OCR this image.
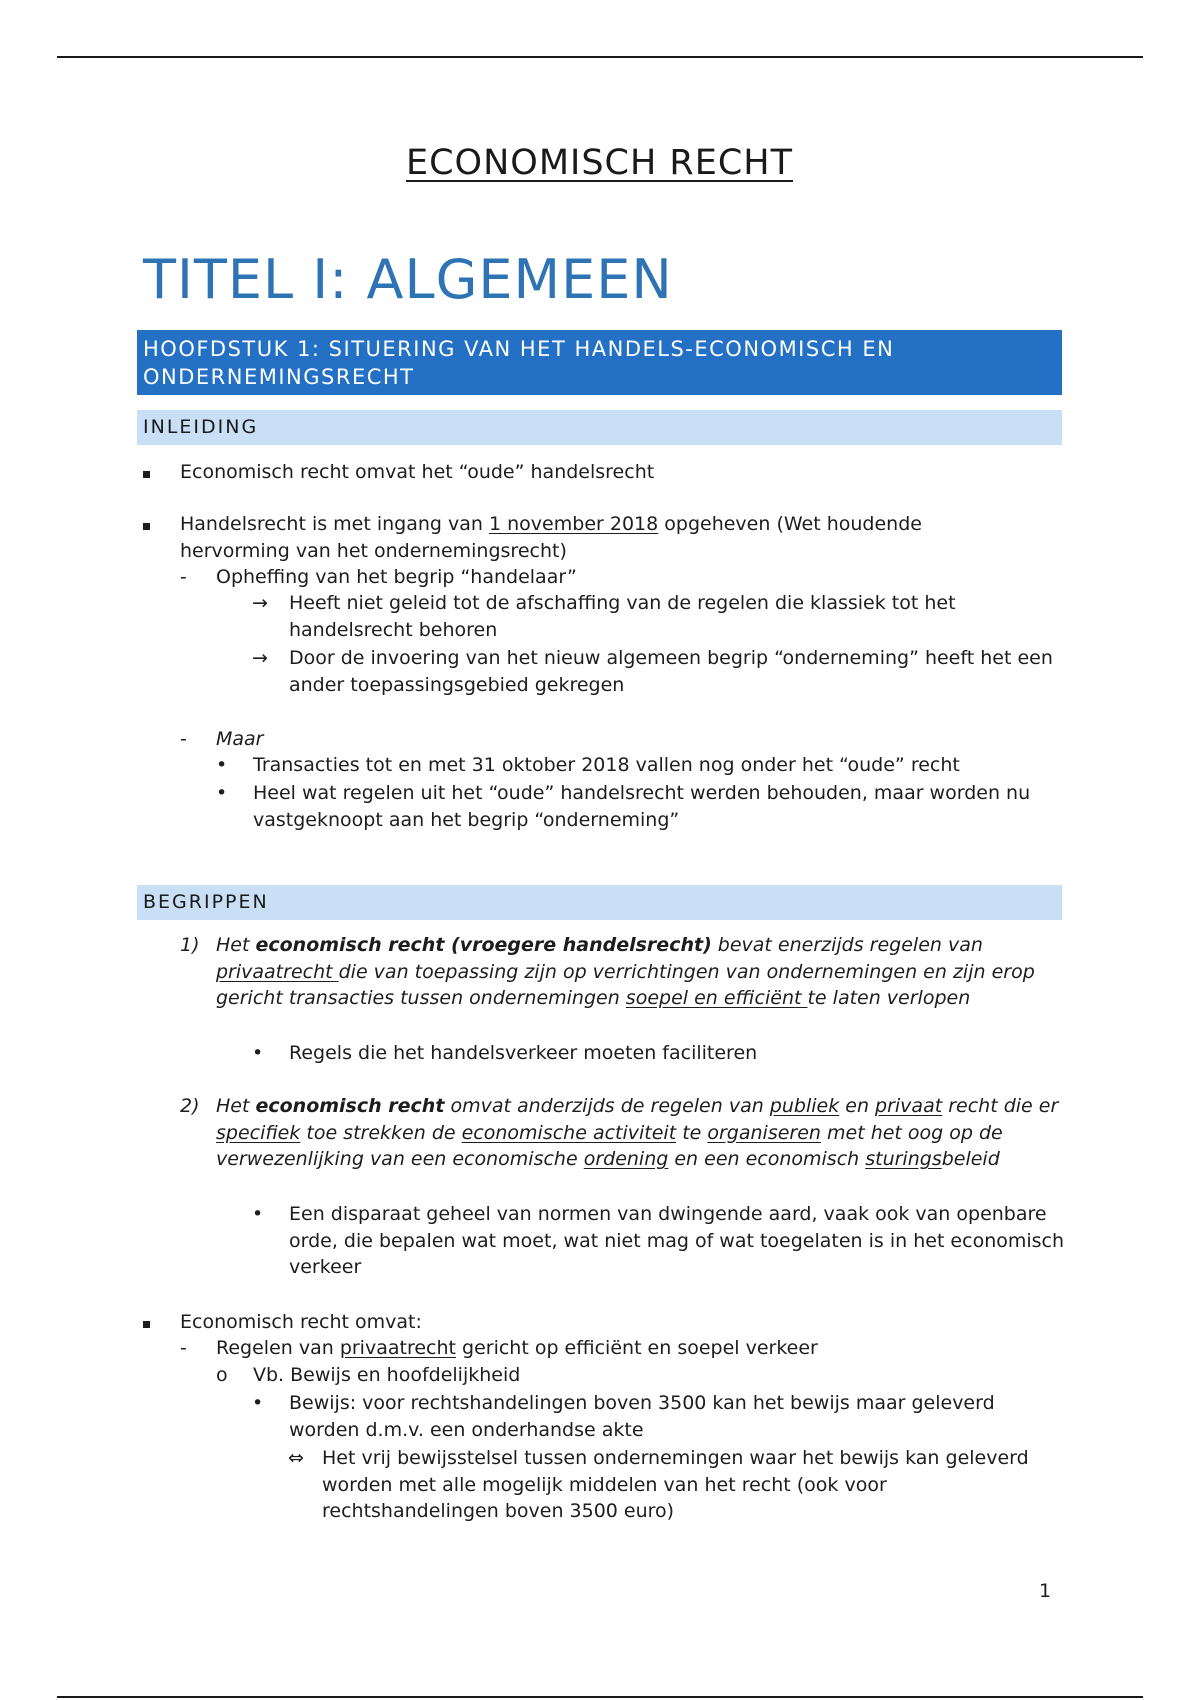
ECONOMISCH RECHT
TITEL I: ALGEMEEN
HOOFDSTUK 1: SITUERING VAN HET HANDELS-ECONOMISCH EN ONDERNEMINGSRECHT
INLEIDING
Economisch recht omvat het “oude” handelsrecht
Handelsrecht is met ingang van 1 november 2018 opgeheven (Wet houdende hervorming van het ondernemingsrecht)
- Opheffing van het begrip “handelaar”
→ Heeft niet geleid tot de afschaffing van de regelen die klassiek tot het handelsrecht behoren
→ Door de invoering van het nieuw algemeen begrip “onderneming” heeft het een ander toepassingsgebied gekregen
- Maar
• Transacties tot en met 31 oktober 2018 vallen nog onder het “oude” recht
• Heel wat regelen uit het “oude” handelsrecht werden behouden, maar worden nu vastgeknoopt aan het begrip “onderneming”
BEGRIPPEN
1) Het economisch recht (vroegere handelsrecht) bevat enerzijds regelen van privaatrecht die van toepassing zijn op verrichtingen van ondernemingen en zijn erop gericht transacties tussen ondernemingen soepel en efficiënt te laten verlopen
• Regels die het handelsverkeer moeten faciliteren
2) Het economisch recht omvat anderzijds de regelen van publiek en privaat recht die er specifiek toe strekken de economische activiteit te organiseren met het oog op de verwezenlijking van een economische ordening en een economisch sturingsbeleid
• Een disparaat geheel van normen van dwingende aard, vaak ook van openbare orde, die bepalen wat moet, wat niet mag of wat toegelaten is in het economisch verkeer
Economisch recht omvat:
- Regelen van privaatrecht gericht op efficiënt en soepel verkeer
o Vb. Bewijs en hoofdelijkheid
• Bewijs: voor rechtshandelingen boven 3500 kan het bewijs maar geleverd worden d.m.v. een onderhandse akte
⇔ Het vrij bewijsstelsel tussen ondernemingen waar het bewijs kan geleverd worden met alle mogelijk middelen van het recht (ook voor rechtshandelingen boven 3500 euro)
1
